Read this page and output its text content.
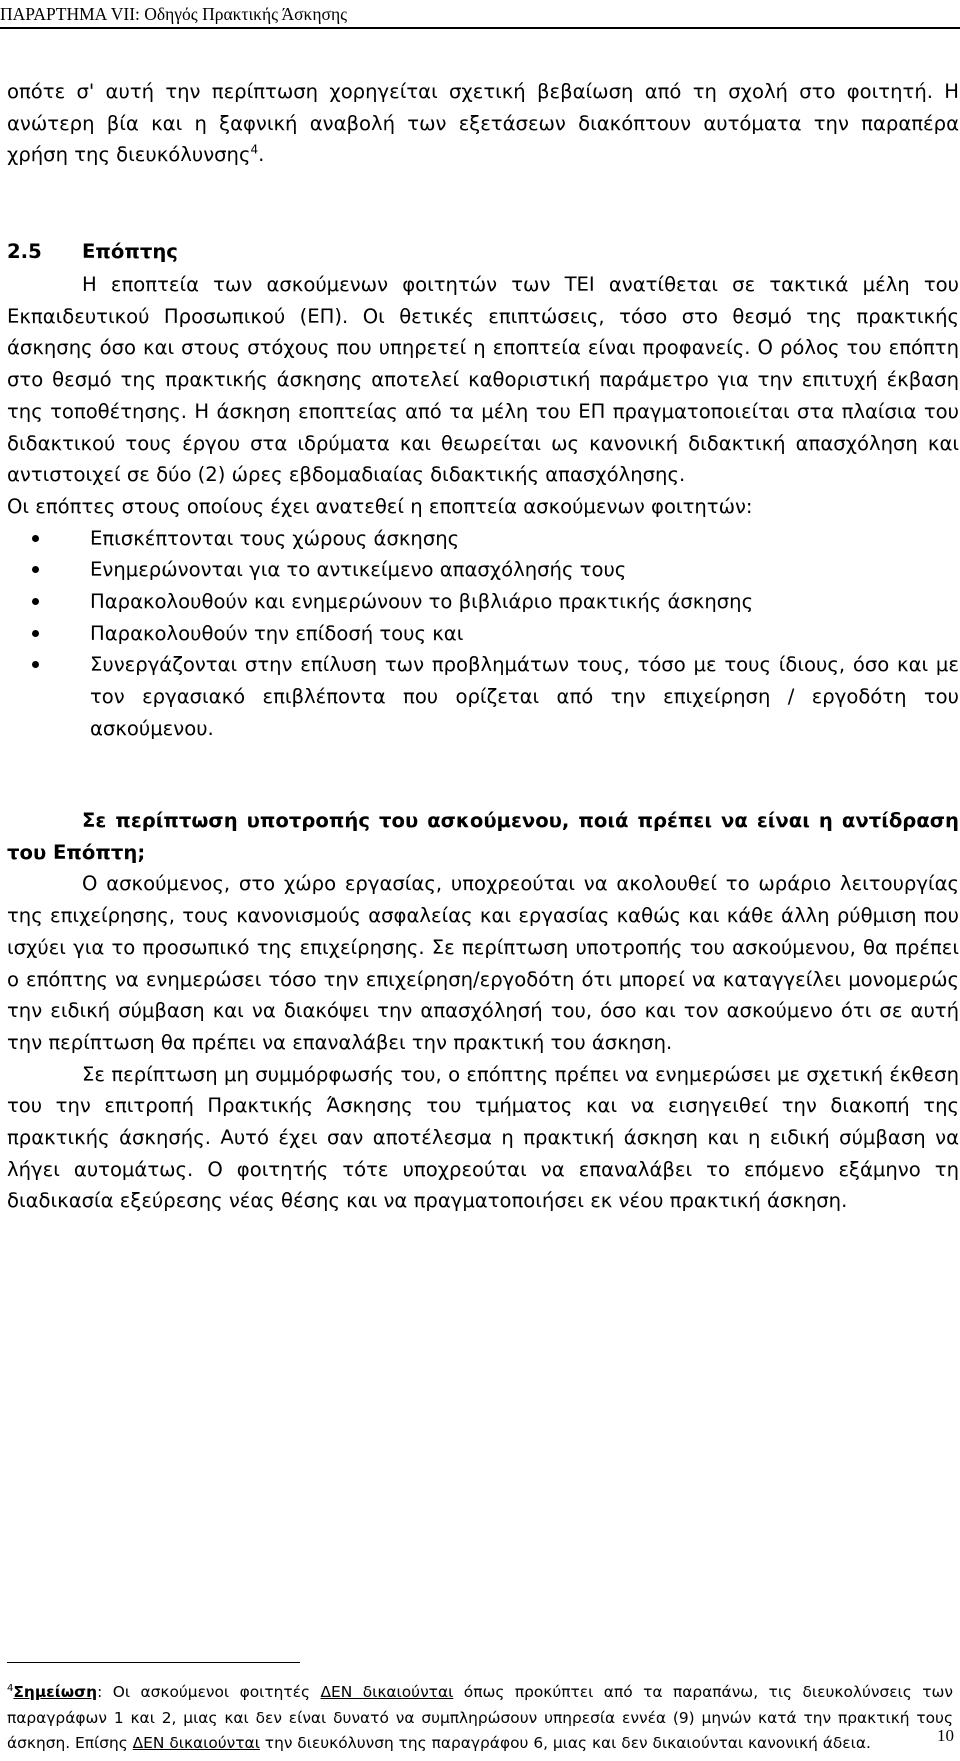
ΠΑΡΑΡΤΗΜΑ VII: Οδηγός Πρακτικής Άσκησης

οπότε σ' αυτή την περίπτωση χορηγείται σχετική βεβαίωση από τη σχολή στο φοιτητή. Η ανώτερη βία και η ξαφνική αναβολή των εξετάσεων διακόπτουν αυτόματα την παραπέρα χρήση της διευκόλυνσης$^4$.

2.5 Επόπτης

Η εποπτεία των ασκούμενων φοιτητών των ΤΕΙ ανατίθεται σε τακτικά μέλη του Εκπαιδευτικού Προσωπικού (ΕΠ). Οι θετικές επιπτώσεις, τόσο στο θεσμό της πρακτικής άσκησης όσο και στους στόχους που υπηρετεί η εποπτεία είναι προφανείς. Ο ρόλος του επόπτη στο θεσμό της πρακτικής άσκησης αποτελεί καθοριστική παράμετρο για την επιτυχή έκβαση της τοποθέτησης. Η άσκηση εποπτείας από τα μέλη του ΕΠ πραγματοποιείται στα πλαίσια του διδακτικού τους έργου στα ιδρύματα και θεωρείται ως κανονική διδακτική απασχόληση και αντιστοιχεί σε δύο (2) ώρες εβδομαδιαίας διδακτικής απασχόλησης.

Οι επόπτες στους οποίους έχει ανατεθεί η εποπτεία ασκούμενων φοιτητών:

Επισκέπτονται τους χώρους άσκησης
Ενημερώνονται για το αντικείμενο απασχόλησής τους
Παρακολουθούν και ενημερώνουν το βιβλιάριο πρακτικής άσκησης
Παρακολουθούν την επίδοσή τους και
Συνεργάζονται στην επίλυση των προβλημάτων τους, τόσο με τους ίδιους, όσο και με τον εργασιακό επιβλέποντα που ορίζεται από την επιχείρηση / εργοδότη του ασκούμενου.

Σε περίπτωση υποτροπής του ασκούμενου, ποιά πρέπει να είναι η αντίδραση του Επόπτη;

Ο ασκούμενος, στο χώρο εργασίας, υποχρεούται να ακολουθεί το ωράριο λειτουργίας της επιχείρησης, τους κανονισμούς ασφαλείας και εργασίας καθώς και κάθε άλλη ρύθμιση που ισχύει για το προσωπικό της επιχείρησης. Σε περίπτωση υποτροπής του ασκούμενου, θα πρέπει ο επόπτης να ενημερώσει τόσο την επιχείρηση/εργοδότη ότι μπορεί να καταγγείλει μονομερώς την ειδική σύμβαση και να διακόψει την απασχόλησή του, όσο και τον ασκούμενο ότι σε αυτή την περίπτωση θα πρέπει να επαναλάβει την πρακτική του άσκηση.

Σε περίπτωση μη συμμόρφωσής του, ο επόπτης πρέπει να ενημερώσει με σχετική έκθεση του την επιτροπή Πρακτικής Άσκησης του τμήματος και να εισηγειθεί την διακοπή της πρακτικής άσκησής. Αυτό έχει σαν αποτέλεσμα η πρακτική άσκηση και η ειδική σύμβαση να λήγει αυτομάτως. Ο φοιτητής τότε υποχρεούται να επαναλάβει το επόμενο εξάμηνο τη διαδικασία εξεύρεσης νέας θέσης και να πραγματοποιήσει εκ νέου πρακτική άσκηση.

$^4$Σημείωση: Οι ασκούμενοι φοιτητές ΔΕΝ δικαιούνται όπως προκύπτει από τα παραπάνω, τις διευκολύνσεις των παραγράφων 1 και 2, μιας και δεν είναι δυνατό να συμπληρώσουν υπηρεσία εννέα (9) μηνών κατά την πρακτική τους άσκηση. Επίσης ΔΕΝ δικαιούνται την διευκόλυνση της παραγράφου 6, μιας και δεν δικαιούνται κανονική άδεια.	10
